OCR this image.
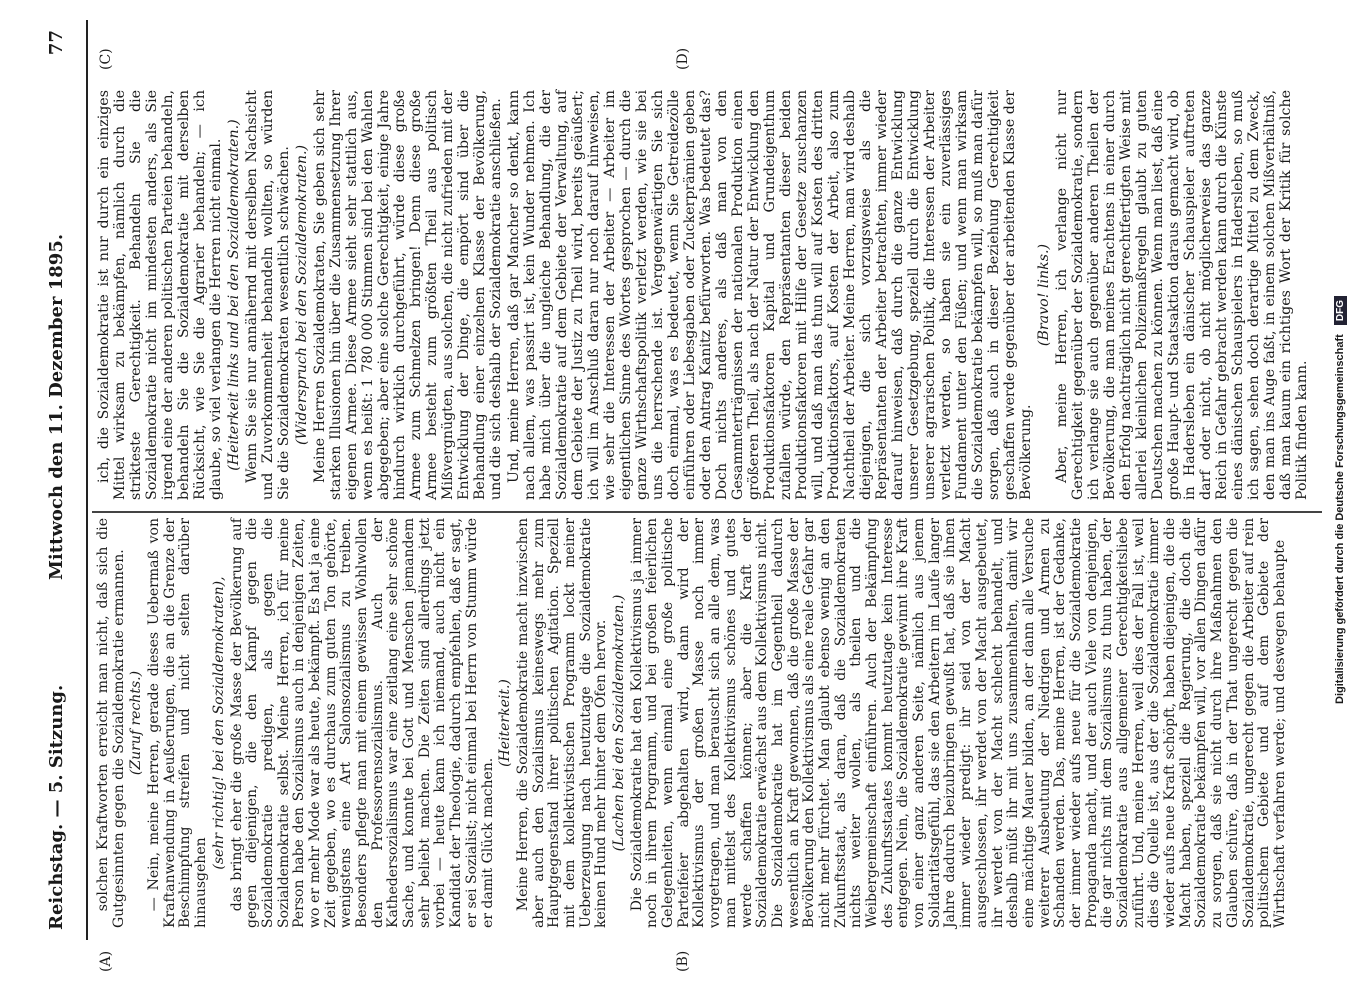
Reichstag. — 5. Sitzung.
Mittwoch den 11. Dezember 1895.
77
(A)	(B)
(C)	(D)

solchen Kraftworten erreicht man nicht, daß sich die Gutgesinnten gegen die Sozialdemokratie ermannen. (Zuruf rechts.) — Nein, meine Herren, gerade dieses Uebermaß von Kraftanwendung in Aeußerungen, die an die Grenze der Beschimpfung streifen und nicht selten darüber hinausgehen

(sehr richtig! bei den Sozialdemokraten), das bringt eher die große Masse der Bevölkerung auf gegen diejenigen, die den Kampf gegen die Sozialdemokratie predigen, als gegen die Sozialdemokratie selbst. Meine Herren, ich für meine Person habe den Sozialismus auch in denjenigen Zeiten, wo er mehr Mode war als heute, bekämpft. Es hat ja eine Zeit gegeben, wo es durchaus zum guten Ton gehörte, wenigstens eine Art Salonsozialismus zu treiben. Besonders pflegte man mit einem gewissen Wohlwollen den Professorensozialismus. Auch der Kathedersozialismus war eine zeitlang eine sehr schöne Sache, und konnte bei Gott und Menschen jemandem sehr beliebt machen. Die Zeiten sind allerdings jetzt vorbei — heute kann ich niemand, auch nicht ein Kandidat der Theologie, dadurch empfehlen, daß er sagt, er sei Sozialist; nicht einmal bei Herrn von Stumm würde er damit Glück machen.

(Heiterkeit.) Meine Herren, die Sozialdemokratie macht inzwischen aber auch den Sozialismus keineswegs mehr zum Hauptgegenstand ihrer politischen Agitation. Speziell mit dem kollektivistischen Programm lockt meiner Ueberzeugung nach heutzutage die Sozialdemokratie keinen Hund mehr hinter dem Ofen hervor. (Lachen bei den Sozialdemokraten.) Die Sozialdemokratie hat den Kollektivismus ja immer noch in ihrem Programm, und bei großen feierlichen Gelegenheiten, wenn einmal eine große politische Parteifeier abgehalten wird, dann wird der Kollektivismus der großen Masse noch immer vorgetragen, und man berauscht sich an alle dem, was man mittelst des Kollektivismus schönes und gutes werde schaffen können; aber die Kraft der Sozialdemokratie erwächst aus dem Kollektivismus nicht. Die Sozialdemokratie hat im Gegentheil dadurch wesentlich an Kraft gewonnen, daß die große Masse der Bevölkerung den Kollektivismus als eine reale Gefahr gar nicht mehr fürchtet. Man glaubt ebenso wenig an den Zukunftsstaat, als daran, daß die Sozialdemokraten nichts weiter wollen, als theilen und die Weibergemeinschaft einführen. Auch der Bekämpfung des Zukunftsstaates kommt heutzutage kein Interesse entgegen. Nein, die Sozialdemokratie gewinnt ihre Kraft von einer ganz anderen Seite, nämlich aus jenem Solidaritätsgefühl, das sie den Arbeitern im Laufe langer Jahre dadurch beizubringen gewußt hat, daß sie ihnen immer wieder predigt: ihr seid von der Macht ausgeschlossen, ihr werdet von der Macht ausgebeutet, ihr werdet von der Macht schlecht behandelt, und deshalb müßt ihr mit uns zusammenhalten, damit wir eine mächtige Mauer bilden, an der dann alle Versuche weiterer Ausbeutung der Niedrigen und Armen zu Schanden werden. Das, meine Herren, ist der Gedanke, der immer wieder aufs neue für die Sozialdemokratie Propaganda macht, und der auch Viele von denjenigen, die gar nichts mit dem Sozialismus zu thun haben, der Sozialdemokratie aus allgemeiner Gerechtigkeitsliebe zuführt. Und, meine Herren, weil dies der Fall ist, weil dies die Quelle ist, aus der die Sozialdemokratie immer wieder aufs neue Kraft schöpft, haben diejenigen, die die Macht haben, speziell die Regierung, die doch die Sozialdemokratie bekämpfen will, vor allen Dingen dafür zu sorgen, daß sie nicht durch ihre Maßnahmen den Glauben schüre, daß in der That ungerecht gegen die Sozialdemokratie, ungerecht gegen die Arbeiter auf rein politischem Gebiete und auf dem Gebiete der Wirthschaft verfahren werde; und deswegen behaupte

ich, die Sozialdemokratie ist nur durch ein einziges Mittel wirksam zu bekämpfen, nämlich durch die strikteste Gerechtigkeit. Behandeln Sie die Sozialdemokratie nicht im mindesten anders, als Sie irgend eine der anderen politischen Parteien behandeln, behandeln Sie die Sozialdemokratie mit derselben Rücksicht, wie Sie die Agrarier behandeln; — ich glaube, so viel verlangen die Herren nicht einmal. (Heiterkeit links und bei den Sozialdemokraten.) Wenn Sie sie nur annähernd mit derselben Nachsicht und Zuvorkommenheit behandeln wollten, so würden Sie die Sozialdemokraten wesentlich schwächen. (Widerspruch bei den Sozialdemokraten.) Meine Herren Sozialdemokraten, Sie geben sich sehr starken Illusionen hin über die Zusammensetzung Ihrer eigenen Armee. Diese Armee sieht sehr stattlich aus, wenn es heißt: 1 780 000 Stimmen sind bei den Wahlen abgegeben; aber eine solche Gerechtigkeit, einige Jahre hindurch wirklich durchgeführt, würde diese große Armee zum Schmelzen bringen! Denn diese große Armee besteht zum größten Theil aus politisch Mißvergnügten, aus solchen, die nicht zufrieden mit der Entwicklung der Dinge, die empört sind über die Behandlung einer einzelnen Klasse der Bevölkerung, und die sich deshalb der Sozialdemokratie anschließen. Und, meine Herren, daß gar Mancher so denkt, kann nach allem, was passirt ist, kein Wunder nehmen. Ich habe mich über die ungleiche Behandlung, die der Sozialdemokratie auf dem Gebiete der Verwaltung, auf dem Gebiete der Justiz zu Theil wird, bereits geäußert; ich will im Anschluß daran nur noch darauf hinweisen, wie sehr die Interessen der Arbeiter — Arbeiter im eigentlichen Sinne des Wortes gesprochen — durch die ganze Wirthschaftspolitik verletzt werden, wie sie bei uns die herrschende ist. Vergegenwärtigen Sie sich doch einmal, was es bedeutet, wenn Sie Getreidezölle einführen oder Liebesgaben oder Zuckerprämien geben oder den Antrag Kanitz befürworten. Was bedeutet das? Doch nichts anderes, als daß man von den Gesammterträgnissen der nationalen Produktion einen größeren Theil, als nach der Natur der Entwicklung den Produktionsfaktoren Kapital und Grundeigenthum zufallen würde, den Repräsentanten dieser beiden Produktionsfaktoren mit Hilfe der Gesetze zuschanzen will, und daß man das thun will auf Kosten des dritten Produktionsfaktors, auf Kosten der Arbeit, also zum Nachtheil der Arbeiter. Meine Herren, man wird deshalb diejenigen, die sich vorzugsweise als die Repräsentanten der Arbeiter betrachten, immer wieder darauf hinweisen, daß durch die ganze Entwicklung unserer Gesetzgebung, speziell durch die Entwicklung unserer agrarischen Politik, die Interessen der Arbeiter verletzt werden, so haben sie ein zuverlässiges Fundament unter den Füßen; und wenn man wirksam die Sozialdemokratie bekämpfen will, so muß man dafür sorgen, daß auch in dieser Beziehung Gerechtigkeit geschaffen werde gegenüber der arbeitenden Klasse der Bevölkerung.

(Bravo! links.) Aber, meine Herren, ich verlange nicht nur Gerechtigkeit gegenüber der Sozialdemokratie, sondern ich verlange sie auch gegenüber anderen Theilen der Bevölkerung, die man meines Erachtens in einer durch den Erfolg nachträglich nicht gerechtfertigten Weise mit allerlei kleinlichen Polizeimaßregeln glaubt zu guten Deutschen machen zu können. Wenn man liest, daß eine große Haupt- und Staatsaktion daraus gemacht wird, ob in Hadersleben ein dänischer Schauspieler auftreten darf oder nicht, ob nicht möglicherweise das ganze Reich in Gefahr gebracht werden kann durch die Künste eines dänischen Schauspielers in Hadersleben, so muß ich sagen, sehen doch derartige Mittel zu dem Zweck, den man ins Auge faßt, in einem solchen Mißverhältniß, daß man kaum ein richtiges Wort der Kritik für solche Politik finden kann. Digitalisierung gefördert durch die Deutsche Forschungsgemeinschaft DFG
